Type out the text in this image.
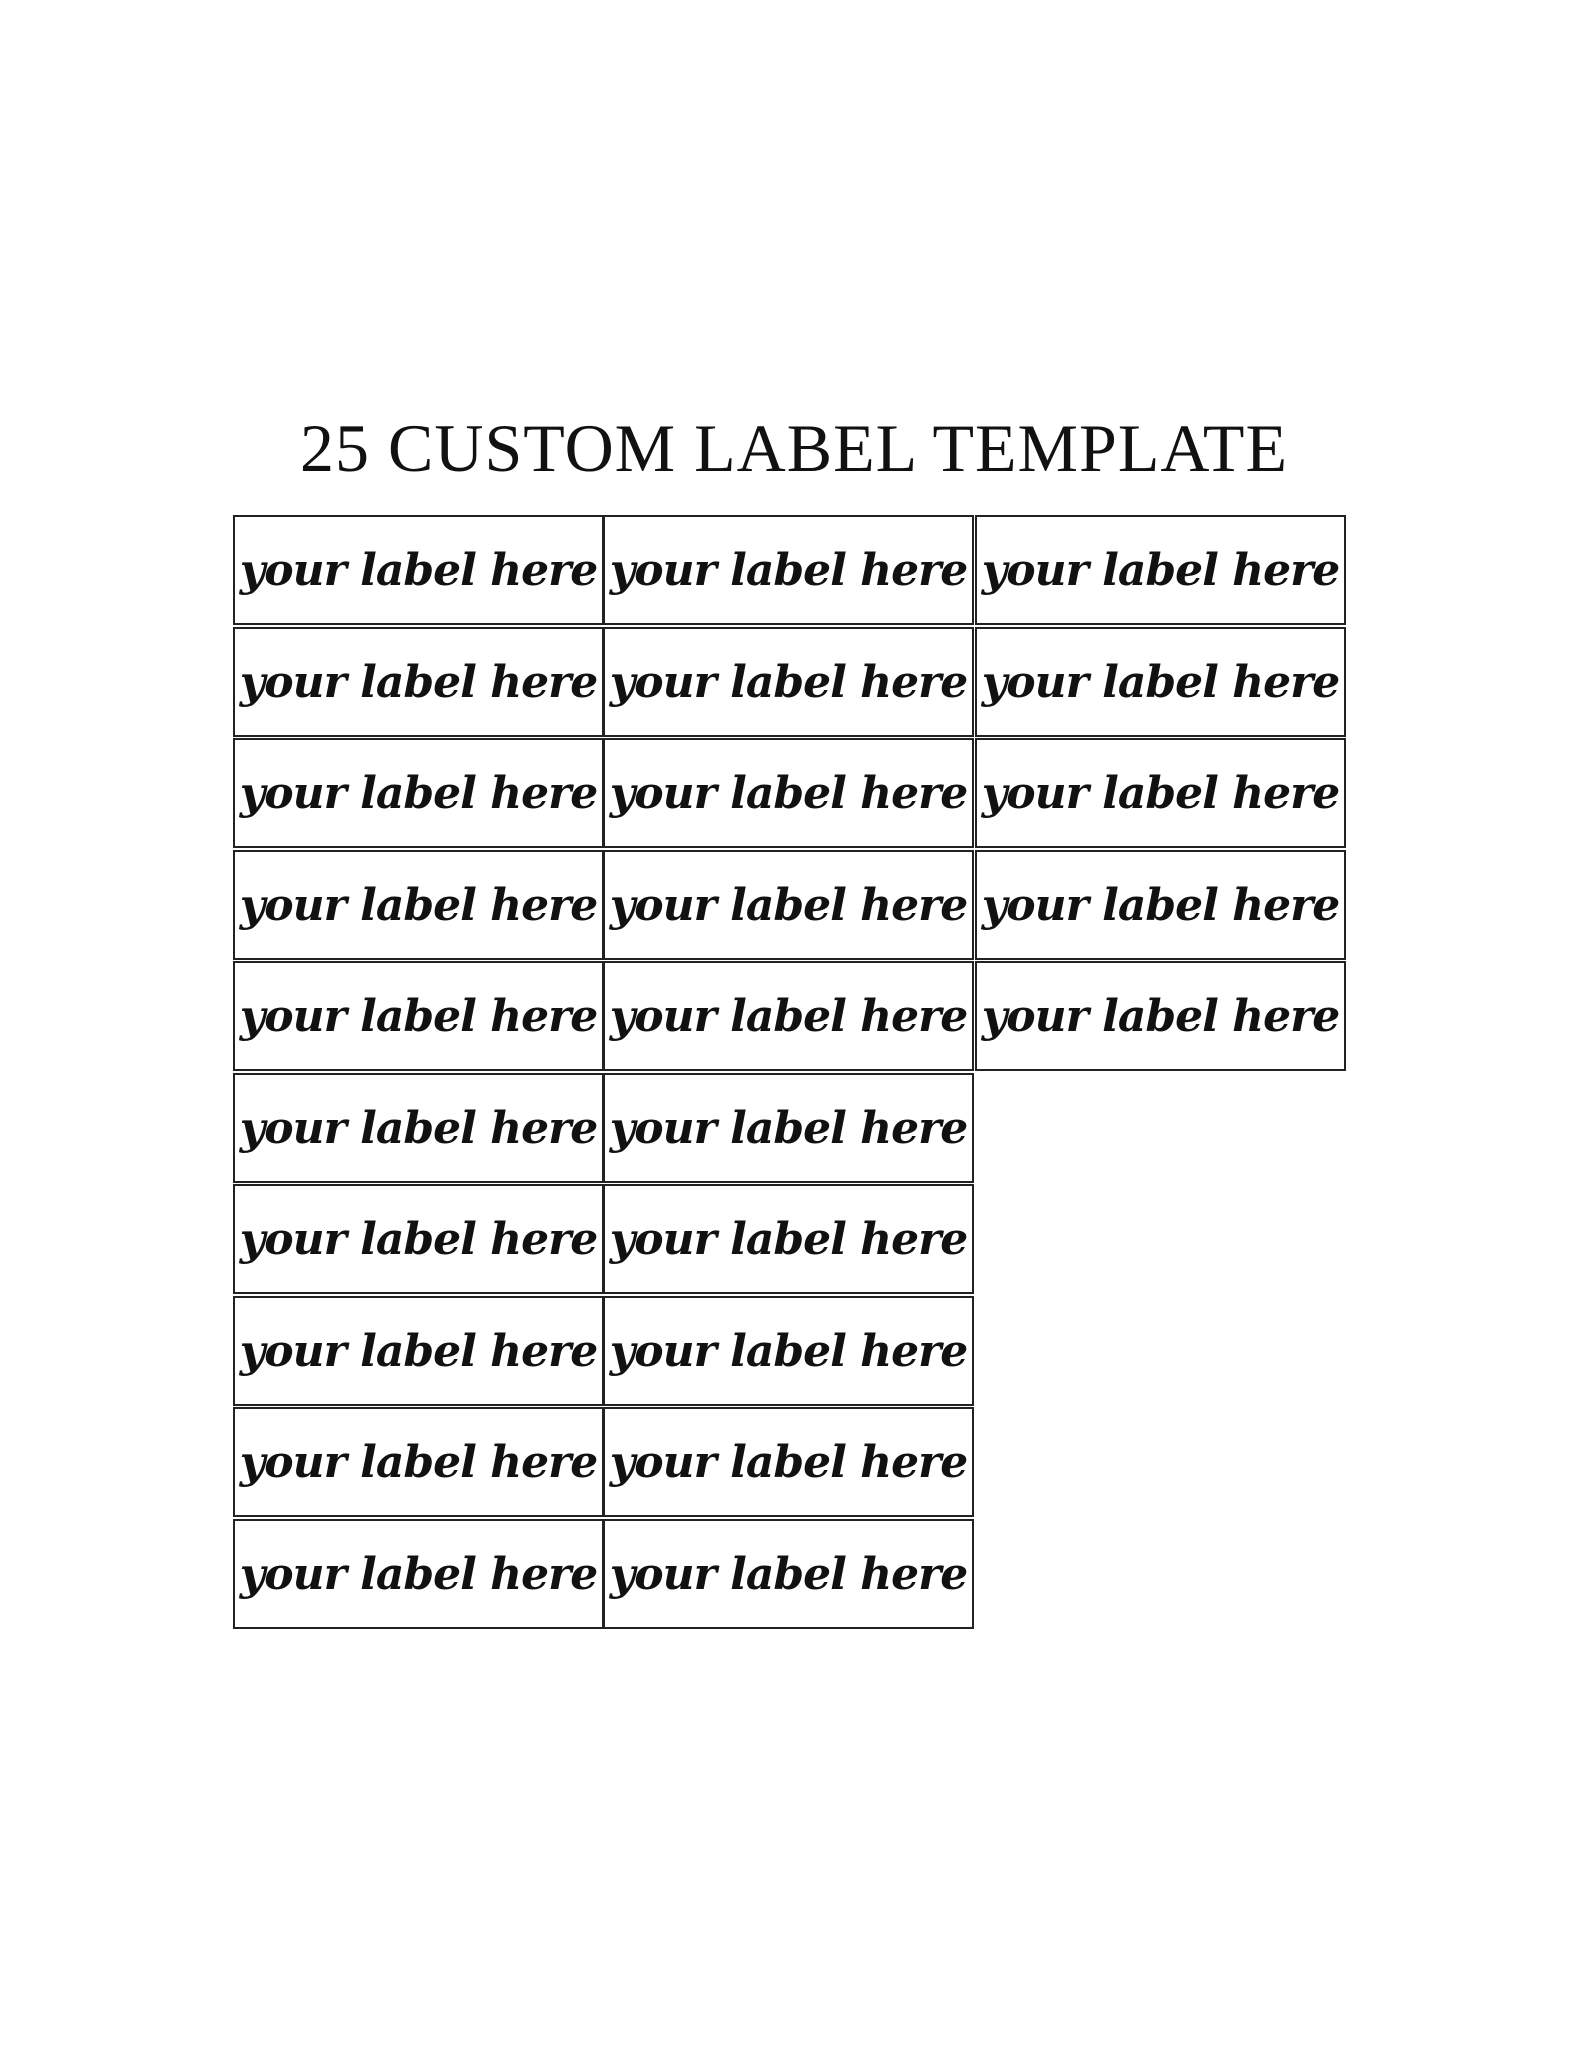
25 CUSTOM LABEL TEMPLATE
your label here your label here your label here
your label here your label here your label here
your label here your label here your label here
your label here your label here your label here
your label here your label here your label here
your label here your label here
your label here your label here
your label here your label here
your label here your label here
your label here your label here
